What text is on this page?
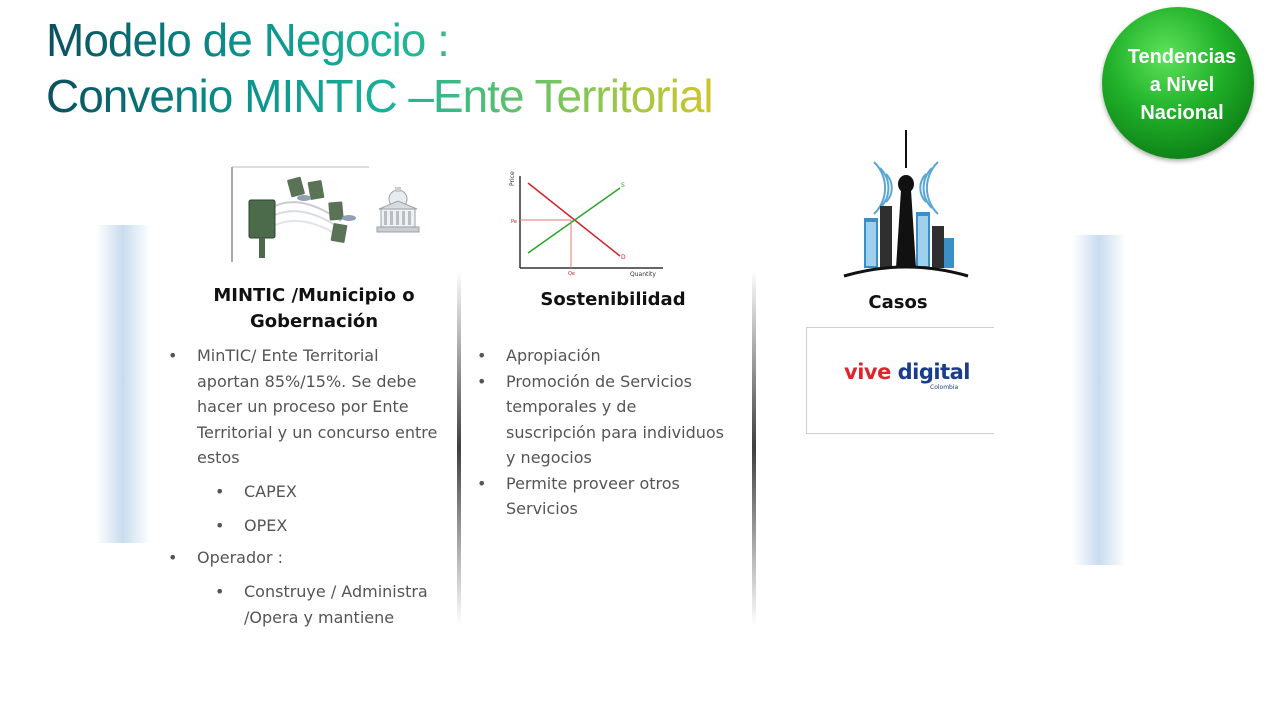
Modelo de Negocio :
Convenio MINTIC –Ente Territorial
Tendencias
a Nivel
Nacional
MINTIC /Municipio o Gobernación
• MinTIC/ Ente Territorial aportan 85%/15%. Se debe hacer un proceso por Ente Territorial y un concurso entre estos
• CAPEX
• OPEX
• Operador :
• Construye / Administra /Opera y mantiene
Price
Quantity
S
D
Pe
Qe
Sostenibilidad
• Apropiación
• Promoción de Servicios temporales y de suscripción para individuos y negocios
• Permite proveer otros Servicios
Casos
vive digital
Colombia
